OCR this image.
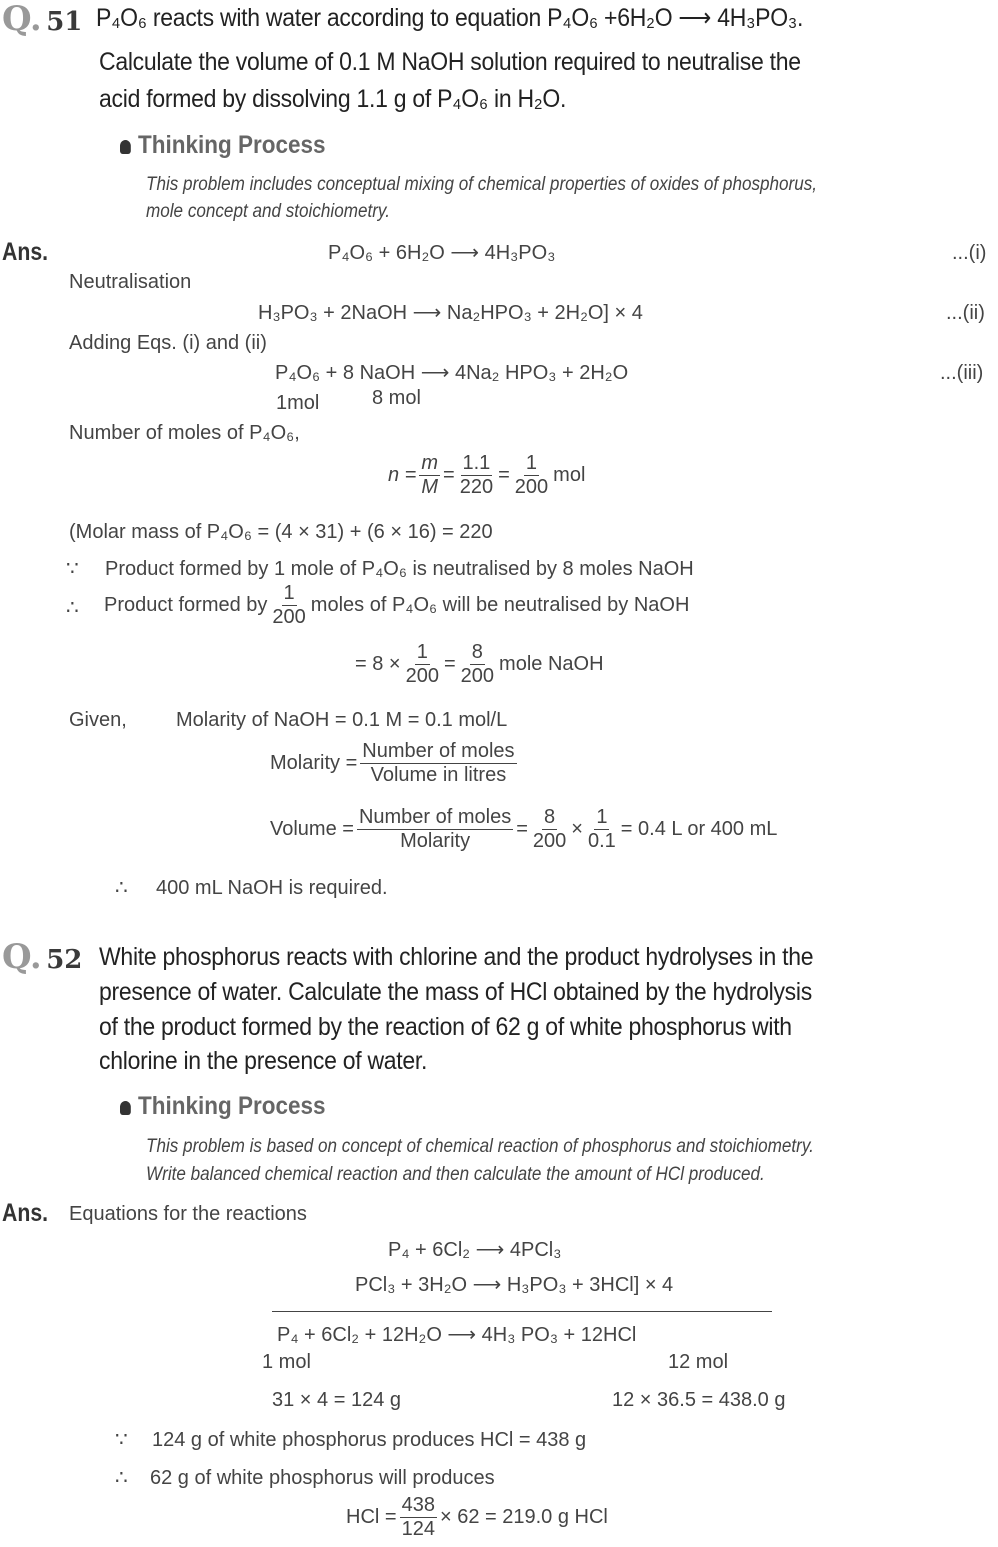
Q. 51 P₄O₆ reacts with water according to equation P₄O₆ +6H₂O ⟶ 4H₃PO₃.
Calculate the volume of 0.1 M NaOH solution required to neutralise the
acid formed by dissolving 1.1 g of P₄O₆ in H₂O.
Thinking Process
This problem includes conceptual mixing of chemical properties of oxides of phosphorus,
mole concept and stoichiometry.
Ans.	P₄O₆ + 6H₂O ⟶ 4H₃PO₃	...(i)
Neutralisation
H₃PO₃ + 2NaOH ⟶ Na₂HPO₃ + 2H₂O] × 4	...(ii)
Adding Eqs. (i) and (ii)
P₄O₆ + 8 NaOH ⟶ 4Na₂ HPO₃ + 2H₂O	...(iii)
1mol	8 mol
Number of moles of P₄O₆,
$n = \frac{m}{M} = \frac{1.1}{220} = \frac{1}{200}$ mol
(Molar mass of P₄O₆ = (4 × 31) + (6 × 16) = 220
∵ Product formed by 1 mole of P₄O₆ is neutralised by 8 moles NaOH
∴ Product formed by $\frac{1}{200}$ moles of P₄O₆ will be neutralised by NaOH
= $8 \times \frac{1}{200} = \frac{8}{200}$ mole NaOH
Given, Molarity of NaOH = 0.1 M = 0.1 mol/L
Molarity = $\frac{\text{Number of moles}}{\text{Volume in litres}}$
Volume = $\frac{\text{Number of moles}}{\text{Molarity}} = \frac{8}{200} \times \frac{1}{0.1} = 0.4$ L or 400 mL
∴ 400 mL NaOH is required.
Q. 52 White phosphorus reacts with chlorine and the product hydrolyses in the
presence of water. Calculate the mass of HCl obtained by the hydrolysis
of the product formed by the reaction of 62 g of white phosphorus with
chlorine in the presence of water.
Thinking Process
This problem is based on concept of chemical reaction of phosphorus and stoichiometry.
Write balanced chemical reaction and then calculate the amount of HCl produced.
Ans. Equations for the reactions
P₄ + 6Cl₂ ⟶ 4PCl₃
PCl₃ + 3H₂O ⟶ H₃PO₃ + 3HCl] × 4
P₄ + 6Cl₂ + 12H₂O ⟶ 4H₃ PO₃ + 12HCl
1 mol	12 mol
31 × 4 = 124 g	12 × 36.5 = 438.0 g
∵ 124 g of white phosphorus produces HCl = 438 g
∴ 62 g of white phosphorus will produces
HCl = $\frac{438}{124} \times 62 = 219.0$ g HCl
